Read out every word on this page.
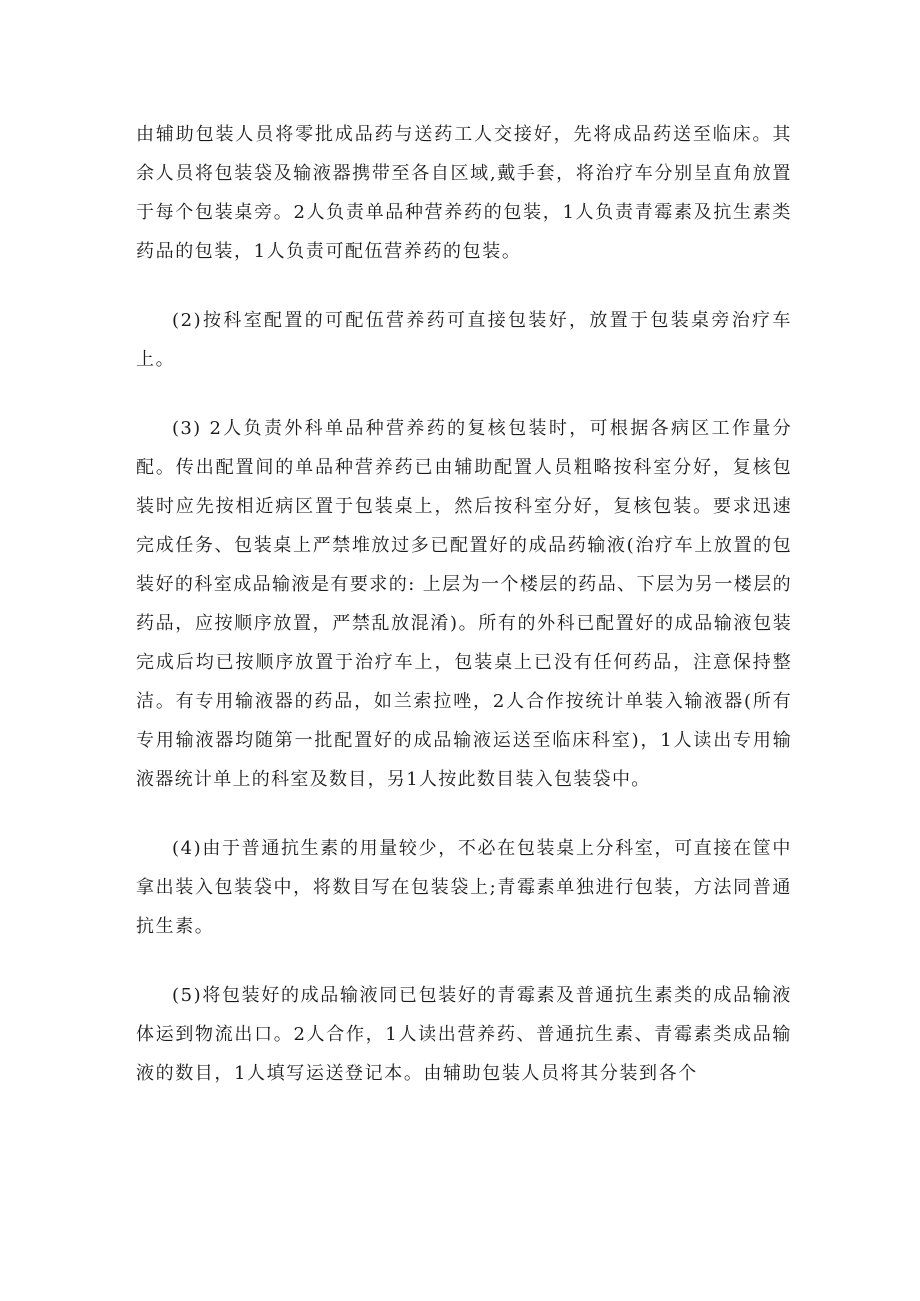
由辅助包装人员将零批成品药与送药工人交接好，先将成品药送至临床。其余人员将包装袋及输液器携带至各自区域,戴手套，将治疗车分别呈直角放置于每个包装桌旁。2人负责单品种营养药的包装，1人负责青霉素及抗生素类药品的包装，1人负责可配伍营养药的包装。

(2)按科室配置的可配伍营养药可直接包装好，放置于包装桌旁治疗车上。

(3) 2人负责外科单品种营养药的复核包装时，可根据各病区工作量分配。传出配置间的单品种营养药已由辅助配置人员粗略按科室分好，复核包装时应先按相近病区置于包装桌上，然后按科室分好，复核包装。要求迅速完成任务、包装桌上严禁堆放过多已配置好的成品药输液(治疗车上放置的包装好的科室成品输液是有要求的: 上层为一个楼层的药品、下层为另一楼层的药品，应按顺序放置，严禁乱放混淆)。所有的外科已配置好的成品输液包装完成后均已按顺序放置于治疗车上，包装桌上已没有任何药品，注意保持整洁。有专用输液器的药品，如兰索拉唑，2人合作按统计单装入输液器(所有专用输液器均随第一批配置好的成品输液运送至临床科室)，1人读出专用输液器统计单上的科室及数目，另1人按此数目装入包装袋中。

(4)由于普通抗生素的用量较少，不必在包装桌上分科室，可直接在筐中拿出装入包装袋中，将数目写在包装袋上;青霉素单独进行包装，方法同普通抗生素。

(5)将包装好的成品输液同已包装好的青霉素及普通抗生素类的成品输液体运到物流出口。2人合作，1人读出营养药、普通抗生素、青霉素类成品输液的数目，1人填写运送登记本。由辅助包装人员将其分装到各个
